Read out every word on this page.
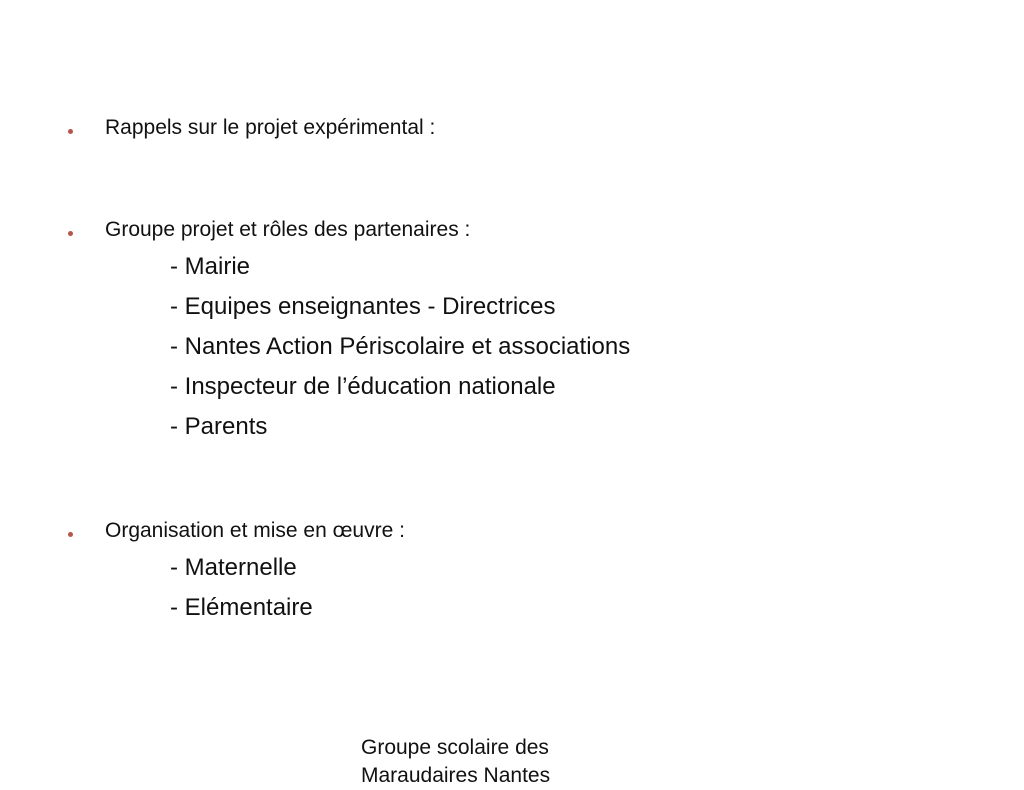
Rappels sur le projet expérimental :
Groupe projet et rôles des partenaires :
- Mairie
- Equipes enseignantes - Directrices
- Nantes Action Périscolaire et associations
- Inspecteur de l’éducation nationale
- Parents
Organisation et mise en œuvre :
- Maternelle
- Elémentaire
Groupe scolaire des Maraudaires Nantes
